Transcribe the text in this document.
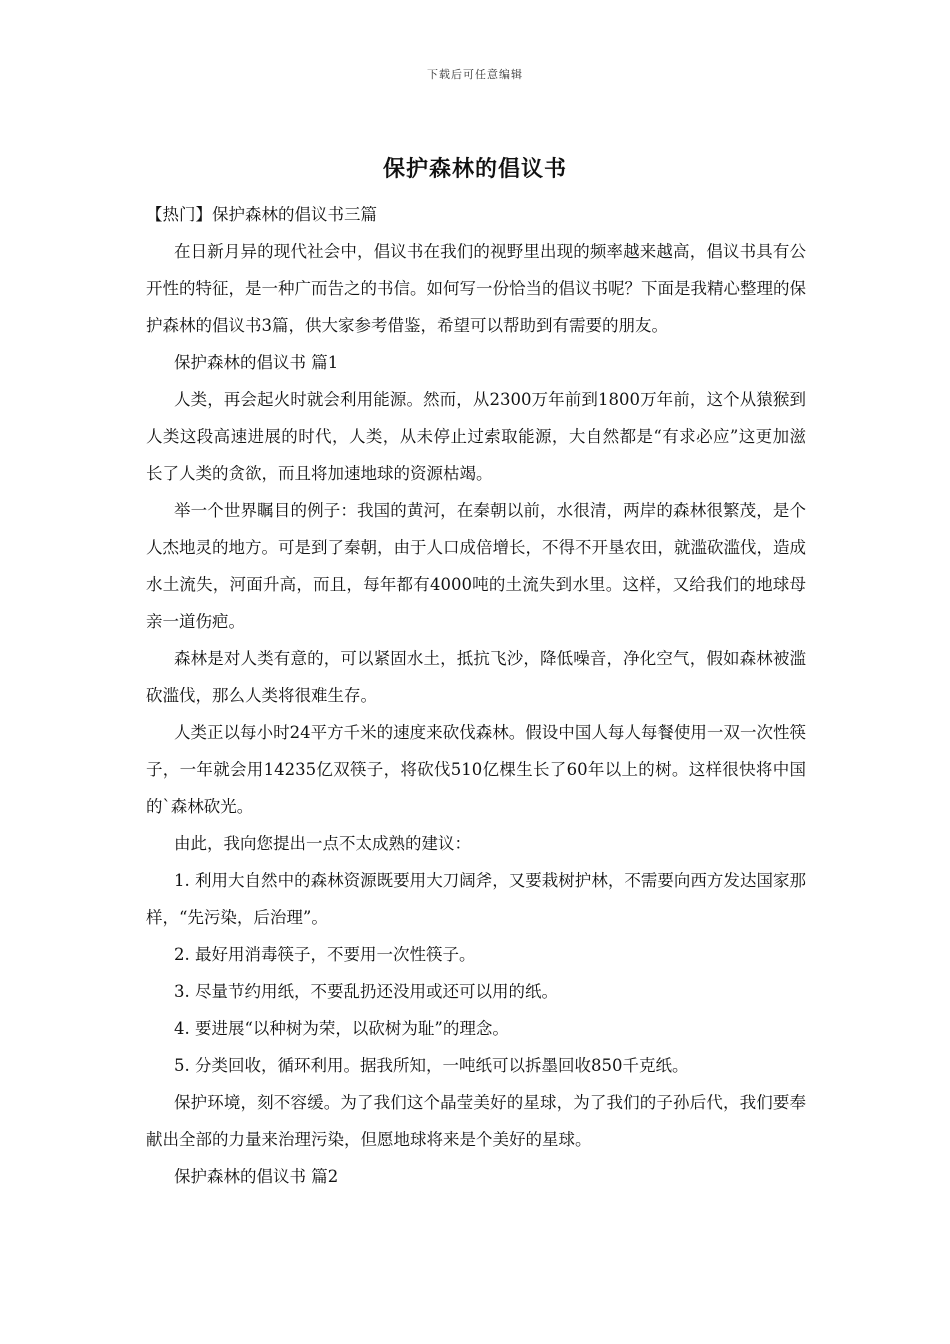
下载后可任意编辑
保护森林的倡议书

【热门】保护森林的倡议书三篇

在日新月异的现代社会中，倡议书在我们的视野里出现的频率越来越高，倡议书具有公开性的特征，是一种广而告之的书信。如何写一份恰当的倡议书呢？下面是我精心整理的保护森林的倡议书3篇，供大家参考借鉴，希望可以帮助到有需要的朋友。

保护森林的倡议书 篇1

人类，再会起火时就会利用能源。然而，从2300万年前到1800万年前，这个从猿猴到人类这段高速进展的时代，人类，从未停止过索取能源，大自然都是“有求必应”这更加滋长了人类的贪欲，而且将加速地球的资源枯竭。

举一个世界瞩目的例子：我国的黄河，在秦朝以前，水很清，两岸的森林很繁茂，是个人杰地灵的地方。可是到了秦朝，由于人口成倍增长，不得不开垦农田，就滥砍滥伐，造成水土流失，河面升高，而且，每年都有4000吨的土流失到水里。这样，又给我们的地球母亲一道伤疤。

森林是对人类有意的，可以紧固水土，抵抗飞沙，降低噪音，净化空气，假如森林被滥砍滥伐，那么人类将很难生存。

人类正以每小时24平方千米的速度来砍伐森林。假设中国人每人每餐使用一双一次性筷子，一年就会用14235亿双筷子，将砍伐510亿棵生长了60年以上的树。这样很快将中国的`森林砍光。

由此，我向您提出一点不太成熟的建议：

1. 利用大自然中的森林资源既要用大刀阔斧，又要栽树护林，不需要向西方发达国家那样，“先污染，后治理”。

2. 最好用消毒筷子，不要用一次性筷子。

3. 尽量节约用纸，不要乱扔还没用或还可以用的纸。

4. 要进展“以种树为荣，以砍树为耻”的理念。

5. 分类回收，循环利用。据我所知，一吨纸可以拆墨回收850千克纸。

保护环境，刻不容缓。为了我们这个晶莹美好的星球，为了我们的子孙后代，我们要奉献出全部的力量来治理污染，但愿地球将来是个美好的星球。

保护森林的倡议书 篇2
